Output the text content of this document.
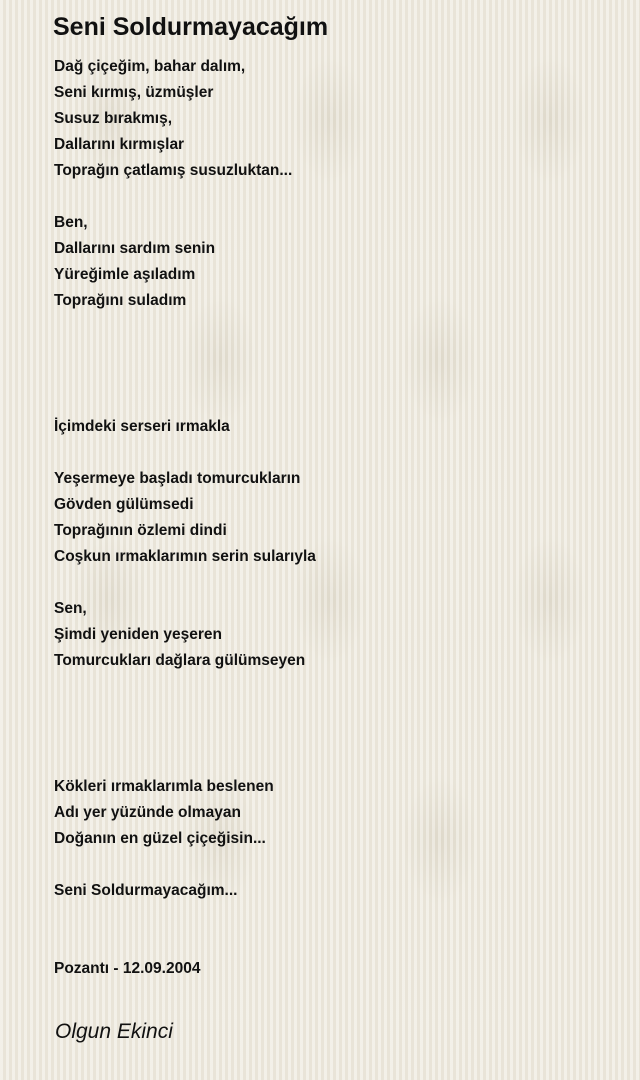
Seni Soldurmayacağım
Dağ çiçeğim, bahar dalım,
Seni kırmış, üzmüşler
Susuz bırakmış,
Dallarını kırmışlar
Toprağın çatlamış susuzluktan...
Ben,
Dallarını sardım senin
Yüreğimle aşıladım
Toprağını suladım
İçimdeki serseri ırmakla
Yeşermeye başladı tomurcukların
Gövden gülümsedi
Toprağının özlemi dindi
Coşkun ırmaklarımın serin sularıyla
Sen,
Şimdi yeniden yeşeren
Tomurcukları dağlara gülümseyen
Kökleri ırmaklarımla beslenen
Adı yer yüzünde olmayan
Doğanın en güzel çiçeğisin...
Seni Soldurmayacağım...
Pozantı - 12.09.2004
Olgun Ekinci
